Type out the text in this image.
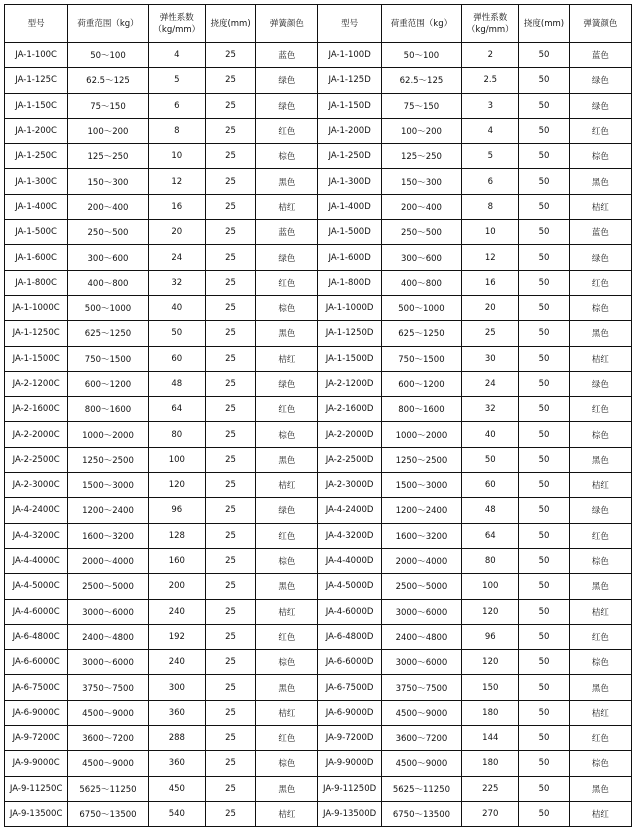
型号	荷重范围（kg）	弹性系数（kg/mm）	挠度(mm)	弹簧颜色	型号	荷重范围（kg）	弹性系数（kg/mm）	挠度(mm)	弹簧颜色
JA-1-100C	50～100	4	25	蓝色	JA-1-100D	50～100	2	50	蓝色
JA-1-125C	62.5～125	5	25	绿色	JA-1-125D	62.5～125	2.5	50	绿色
JA-1-150C	75～150	6	25	绿色	JA-1-150D	75～150	3	50	绿色
JA-1-200C	100～200	8	25	红色	JA-1-200D	100～200	4	50	红色
JA-1-250C	125～250	10	25	棕色	JA-1-250D	125～250	5	50	棕色
JA-1-300C	150～300	12	25	黑色	JA-1-300D	150～300	6	50	黑色
JA-1-400C	200～400	16	25	桔红	JA-1-400D	200～400	8	50	桔红
JA-1-500C	250～500	20	25	蓝色	JA-1-500D	250～500	10	50	蓝色
JA-1-600C	300～600	24	25	绿色	JA-1-600D	300～600	12	50	绿色
JA-1-800C	400～800	32	25	红色	JA-1-800D	400～800	16	50	红色
JA-1-1000C	500～1000	40	25	棕色	JA-1-1000D	500～1000	20	50	棕色
JA-1-1250C	625～1250	50	25	黑色	JA-1-1250D	625～1250	25	50	黑色
JA-1-1500C	750～1500	60	25	桔红	JA-1-1500D	750～1500	30	50	桔红
JA-2-1200C	600～1200	48	25	绿色	JA-2-1200D	600～1200	24	50	绿色
JA-2-1600C	800～1600	64	25	红色	JA-2-1600D	800～1600	32	50	红色
JA-2-2000C	1000～2000	80	25	棕色	JA-2-2000D	1000～2000	40	50	棕色
JA-2-2500C	1250～2500	100	25	黑色	JA-2-2500D	1250～2500	50	50	黑色
JA-2-3000C	1500～3000	120	25	桔红	JA-2-3000D	1500～3000	60	50	桔红
JA-4-2400C	1200～2400	96	25	绿色	JA-4-2400D	1200～2400	48	50	绿色
JA-4-3200C	1600～3200	128	25	红色	JA-4-3200D	1600～3200	64	50	红色
JA-4-4000C	2000～4000	160	25	棕色	JA-4-4000D	2000～4000	80	50	棕色
JA-4-5000C	2500～5000	200	25	黑色	JA-4-5000D	2500～5000	100	50	黑色
JA-4-6000C	3000～6000	240	25	桔红	JA-4-6000D	3000～6000	120	50	桔红
JA-6-4800C	2400～4800	192	25	红色	JA-6-4800D	2400～4800	96	50	红色
JA-6-6000C	3000～6000	240	25	棕色	JA-6-6000D	3000～6000	120	50	棕色
JA-6-7500C	3750～7500	300	25	黑色	JA-6-7500D	3750～7500	150	50	黑色
JA-6-9000C	4500～9000	360	25	桔红	JA-6-9000D	4500～9000	180	50	桔红
JA-9-7200C	3600～7200	288	25	红色	JA-9-7200D	3600～7200	144	50	红色
JA-9-9000C	4500～9000	360	25	棕色	JA-9-9000D	4500～9000	180	50	棕色
JA-9-11250C	5625～11250	450	25	黑色	JA-9-11250D	5625～11250	225	50	黑色
JA-9-13500C	6750～13500	540	25	桔红	JA-9-13500D	6750～13500	270	50	桔红
